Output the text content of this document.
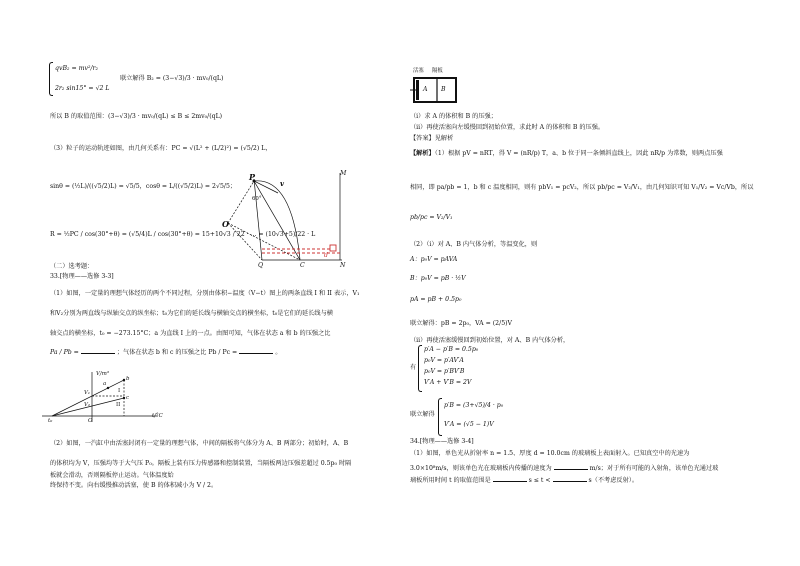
qvB₂ = mv²/r₂
2r₂ sin15° = √2 L
联立解得 B₂ = (3−√3)/3 · mv₀/(qL)
所以 B 的取值范围：(3−√3)/3 · mv₀/(qL) ≤ B ≤ 2mv₀/(qL)
（3）粒子的运动轨迹如图，由几何关系有：PC = √(L² + (L/2)²) = (√5/2) L，
sinθ = (½L)/((√5/2)L) = √5/5，cosθ = L/((√5/2)L) = 2√5/5；
R = ½PC / cos(30°+θ) = (√5/4)L / cos(30°+θ) = 15+10√3 / 22 · ... = (10√3+5)/22 · L
P
v
M
O
Q	C	N
d
60°
（二）选考题：
33.[物理——选修 3-3]
（1）如图，一定量的理想气体经历的两个不同过程，分别由体积−温度（V−t）图上的两条直线 I 和 II 表示，V₁
和V₂分别为两直线与纵轴交点的纵坐标；t₀为它们的延长线与横轴交点的横坐标，t₀是它们的延长线与横
轴交点的横坐标，t₀ = −273.15°C；a 为直线 I 上的一点。由图可知，气体在状态 a 和 b 的压强之比
Pa / Pb =	；气体在状态 b 和 c 的压强之比 Pb / Pc =	。
V/m³
t/°C
O
t₀
a
b
c
I
II
V₁
V₂
（2）如图，一汽缸中由活塞封闭有一定量的理想气体，中间的隔板将气体分为 A、B 两部分；初始时，A、B
的体积均为 V，压强均等于大气压 P₀。隔板上装有压力传感器和控制装置，当隔板两边压强差超过 0.5p₀ 时隔
板就会滑动，否则隔板停止运动。气体温度始
终保持不变。向右缓慢推动活塞，使 B 的体积减小为 V / 2。
活塞 隔板
A B
（i）求 A 的体积和 B 的压强；
（ii）再使活塞向左缓慢回到初始位置，求此时 A 的体积和 B 的压强。
【答案】见解析
【解析】（1）根据 pV = nRT，得 V = (nR/p) T，a、b 位于同一条倾斜直线上，因此 nR/p 为常数，则两点压强
相同，即 pa/pb = 1，b 和 c 温度相同，则有 pbV₁ = pcV₂，所以 pb/pc = V₂/V₁，由几何知识可知 V₁/V₂ = Vc/Vb，所以
pb/pc = V₂/V₁
（2）（i）对 A、B 内气体分析，等温变化，则
A：p₀V = pAVA
B：p₀V = pB · ½V
pA = pB + 0.5p₀
联立解得：pB = 2p₀，VA = (2/5)V
（ii）再使活塞缓慢回到初始位置，对 A、B 内气体分析，
有
p′A − p′B = 0.5p₀
p₀V = p′AV′A
p₀V = p′BV′B
V′A + V′B = 2V
联立解得
p′B = (3+√5)/4 · p₀
V′A = (√5 − 1)V
34.[物理——选修 3-4]
（1）如图，单色光从折射率 n = 1.5、厚度 d = 10.0cm 的玻璃板上表面射入。已知真空中的光速为
3.0×10⁸m/s，则该单色光在玻璃板内传播的速度为	m/s；对于所有可能的入射角，该单色光通过玻
璃板所用时间 t 的取值范围是	s ≤ t <	s（不考虑反射）。
